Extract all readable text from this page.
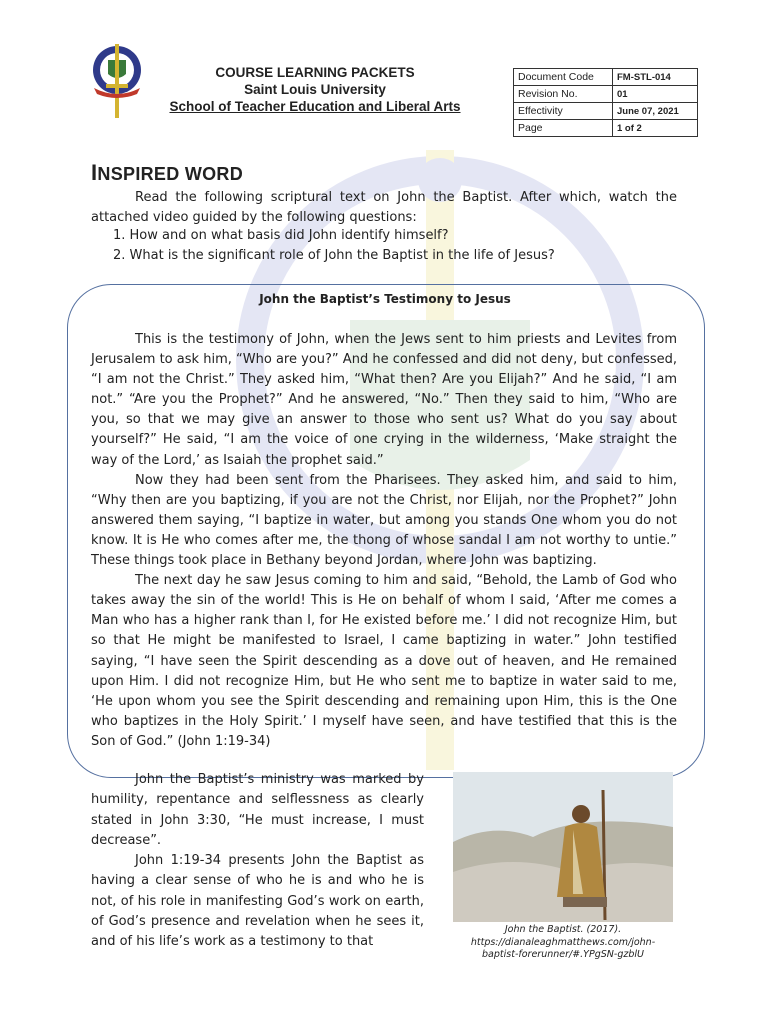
COURSE LEARNING PACKETS
Saint Louis University
School of Teacher Education and Liberal Arts
Document Code	FM-STL-014
Revision No.	01
Effectivity	June 07, 2021
Page	1 of 2
INSPIRED WORD
Read the following scriptural text on John the Baptist. After which, watch the attached video guided by the following questions:
1. How and on what basis did John identify himself?
2. What is the significant role of John the Baptist in the life of Jesus?
John the Baptist’s Testimony to Jesus

This is the testimony of John, when the Jews sent to him priests and Levites from Jerusalem to ask him, “Who are you?” And he confessed and did not deny, but confessed, “I am not the Christ.” They asked him, “What then? Are you Elijah?” And he said, “I am not.” “Are you the Prophet?” And he answered, “No.” Then they said to him, “Who are you, so that we may give an answer to those who sent us? What do you say about yourself?” He said, “I am the voice of one crying in the wilderness, ‘Make straight the way of the Lord,’ as Isaiah the prophet said.”

Now they had been sent from the Pharisees. They asked him, and said to him, “Why then are you baptizing, if you are not the Christ, nor Elijah, nor the Prophet?” John answered them saying, “I baptize in water, but among you stands One whom you do not know. It is He who comes after me, the thong of whose sandal I am not worthy to untie.” These things took place in Bethany beyond Jordan, where John was baptizing.

The next day he saw Jesus coming to him and said, “Behold, the Lamb of God who takes away the sin of the world! This is He on behalf of whom I said, ‘After me comes a Man who has a higher rank than I, for He existed before me.’ I did not recognize Him, but so that He might be manifested to Israel, I came baptizing in water.” John testified saying, “I have seen the Spirit descending as a dove out of heaven, and He remained upon Him. I did not recognize Him, but He who sent me to baptize in water said to me, ‘He upon whom you see the Spirit descending and remaining upon Him, this is the One who baptizes in the Holy Spirit.’ I myself have seen, and have testified that this is the Son of God.” (John 1:19-34)

John the Baptist’s ministry was marked by humility, repentance and selflessness as clearly stated in John 3:30, “He must increase, I must decrease”.

John 1:19-34 presents John the Baptist as having a clear sense of who he is and who he is not, of his role in manifesting God’s work on earth, of God’s presence and revelation when he sees it, and of his life’s work as a testimony to that

John the Baptist. (2017).
https://dianaleaghmatthews.com/john-baptist-forerunner/#.YPgSN-gzblU
